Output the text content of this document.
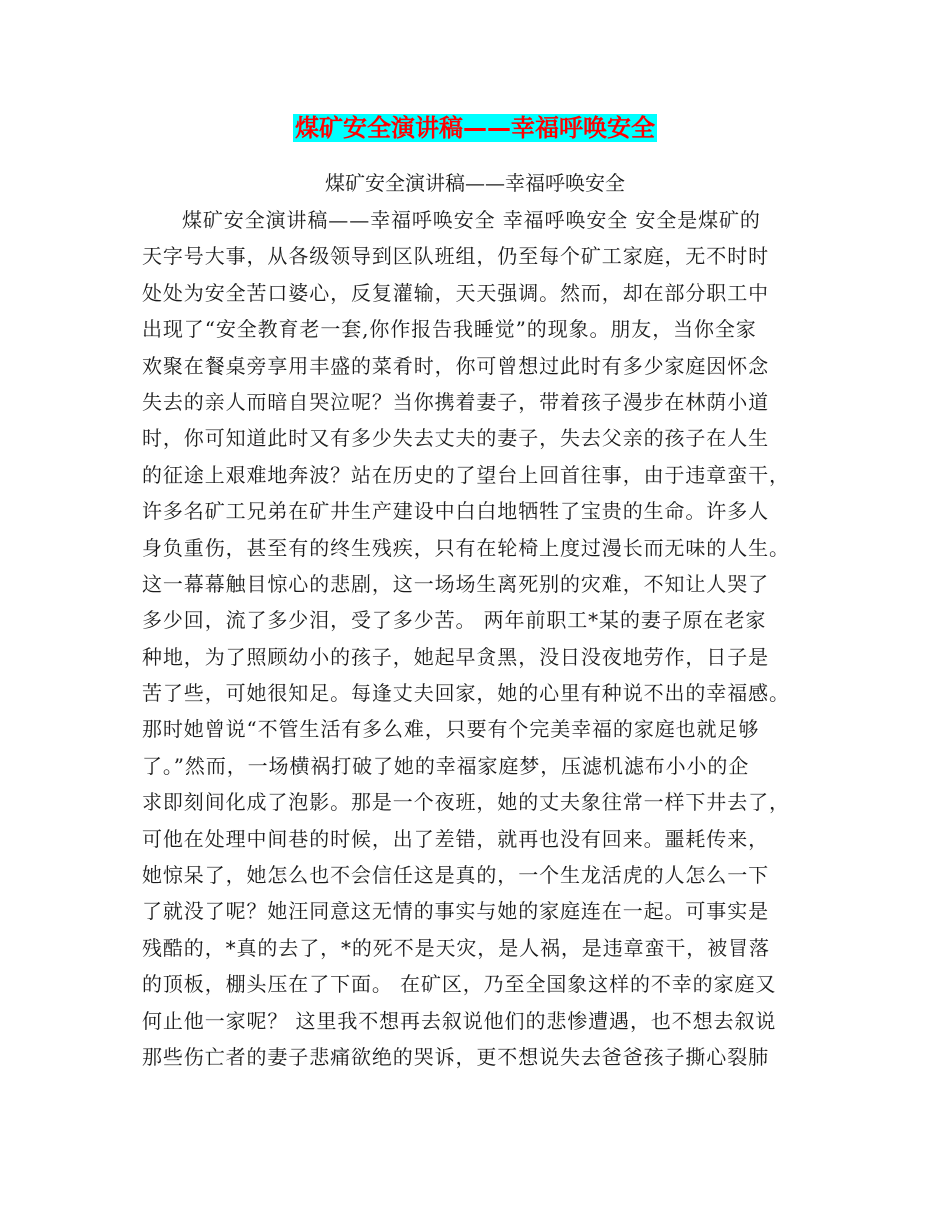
煤矿安全演讲稿——幸福呼唤安全

煤矿安全演讲稿——幸福呼唤安全

煤矿安全演讲稿——幸福呼唤安全 幸福呼唤安全 安全是煤矿的
天字号大事，从各级领导到区队班组，仍至每个矿工家庭，无不时时
处处为安全苦口婆心，反复灌输，天天强调。然而，却在部分职工中
出现了“安全教育老一套,你作报告我睡觉”的现象。朋友，当你全家
欢聚在餐桌旁享用丰盛的菜肴时，你可曾想过此时有多少家庭因怀念
失去的亲人而暗自哭泣呢？当你携着妻子，带着孩子漫步在林荫小道
时，你可知道此时又有多少失去丈夫的妻子，失去父亲的孩子在人生
的征途上艰难地奔波？站在历史的了望台上回首往事，由于违章蛮干，
许多名矿工兄弟在矿井生产建设中白白地牺牲了宝贵的生命。许多人
身负重伤，甚至有的终生残疾，只有在轮椅上度过漫长而无味的人生。
这一幕幕触目惊心的悲剧，这一场场生离死别的灾难，不知让人哭了
多少回，流了多少泪，受了多少苦。 两年前职工*某的妻子原在老家
种地，为了照顾幼小的孩子，她起早贪黑，没日没夜地劳作，日子是
苦了些，可她很知足。每逢丈夫回家，她的心里有种说不出的幸福感。
那时她曾说“不管生活有多么难，只要有个完美幸福的家庭也就足够
了。”然而，一场横祸打破了她的幸福家庭梦，压滤机滤布小小的企
求即刻间化成了泡影。那是一个夜班，她的丈夫象往常一样下井去了，
可他在处理中间巷的时候，出了差错，就再也没有回来。噩耗传来，
她惊呆了，她怎么也不会信任这是真的，一个生龙活虎的人怎么一下
了就没了呢？她汪同意这无情的事实与她的家庭连在一起。可事实是
残酷的，*真的去了，*的死不是天灾，是人祸，是违章蛮干，被冒落
的顶板，棚头压在了下面。 在矿区，乃至全国象这样的不幸的家庭又
何止他一家呢？ 这里我不想再去叙说他们的悲惨遭遇，也不想去叙说
那些伤亡者的妻子悲痛欲绝的哭诉，更不想说失去爸爸孩子撕心裂肺
